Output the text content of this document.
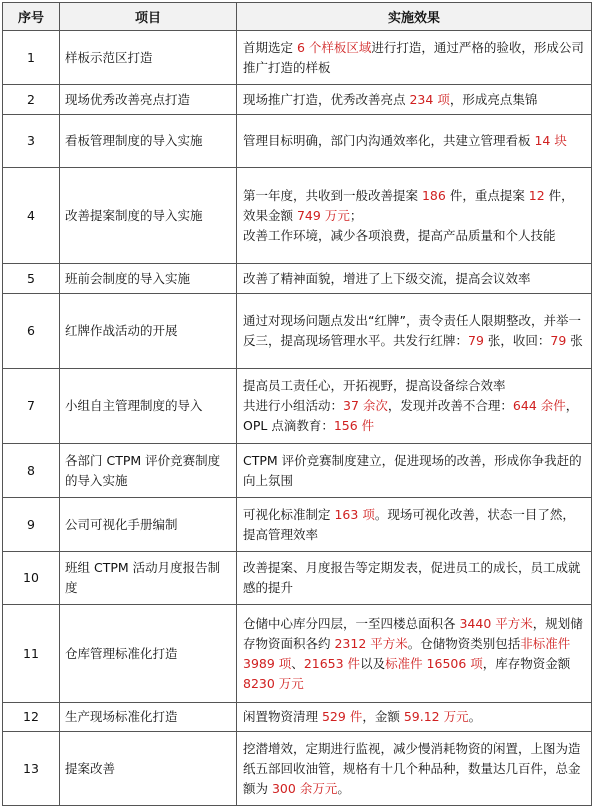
序号	项目	实施效果
1	样板示范区打造	首期选定 6 个样板区域进行打造，通过严格的验收，形成公司推广打造的样板
2	现场优秀改善亮点打造	现场推广打造，优秀改善亮点 234 项，形成亮点集锦
3	看板管理制度的导入实施	管理目标明确，部门内沟通效率化，共建立管理看板 14 块
4	改善提案制度的导入实施	第一年度，共收到一般改善提案 186 件，重点提案 12 件，效果金额 749 万元；
改善工作环境，减少各项浪费，提高产品质量和个人技能
5	班前会制度的导入实施	改善了精神面貌，增进了上下级交流，提高会议效率
6	红牌作战活动的开展	通过对现场问题点发出“红牌”，责令责任人限期整改，并举一反三，提高现场管理水平。共发行红牌：79 张，收回：79 张
7	小组自主管理制度的导入	提高员工责任心，开拓视野，提高设备综合效率
共进行小组活动：37 余次，发现并改善不合理：644 余件，OPL 点滴教育：156 件
8	各部门 CTPM 评价竞赛制度的导入实施	CTPM 评价竞赛制度建立，促进现场的改善，形成你争我赶的向上氛围
9	公司可视化手册编制	可视化标准制定 163 项。现场可视化改善，状态一目了然，提高管理效率
10	班组 CTPM 活动月度报告制度	改善提案、月度报告等定期发表，促进员工的成长，员工成就感的提升
11	仓库管理标准化打造	仓储中心库分四层，一至四楼总面积各 3440 平方米，规划储存物资面积各约 2312 平方米。仓储物资类别包括非标准件 3989 项、21653 件以及标准件 16506 项，库存物资金额 8230 万元
12	生产现场标准化打造	闲置物资清理 529 件，金额 59.12 万元。
13	提案改善	挖潜增效，定期进行监视，减少慢消耗物资的闲置，上图为造纸五部回收油管，规格有十几个种品种，数量达几百件，总金额为 300 余万元。
